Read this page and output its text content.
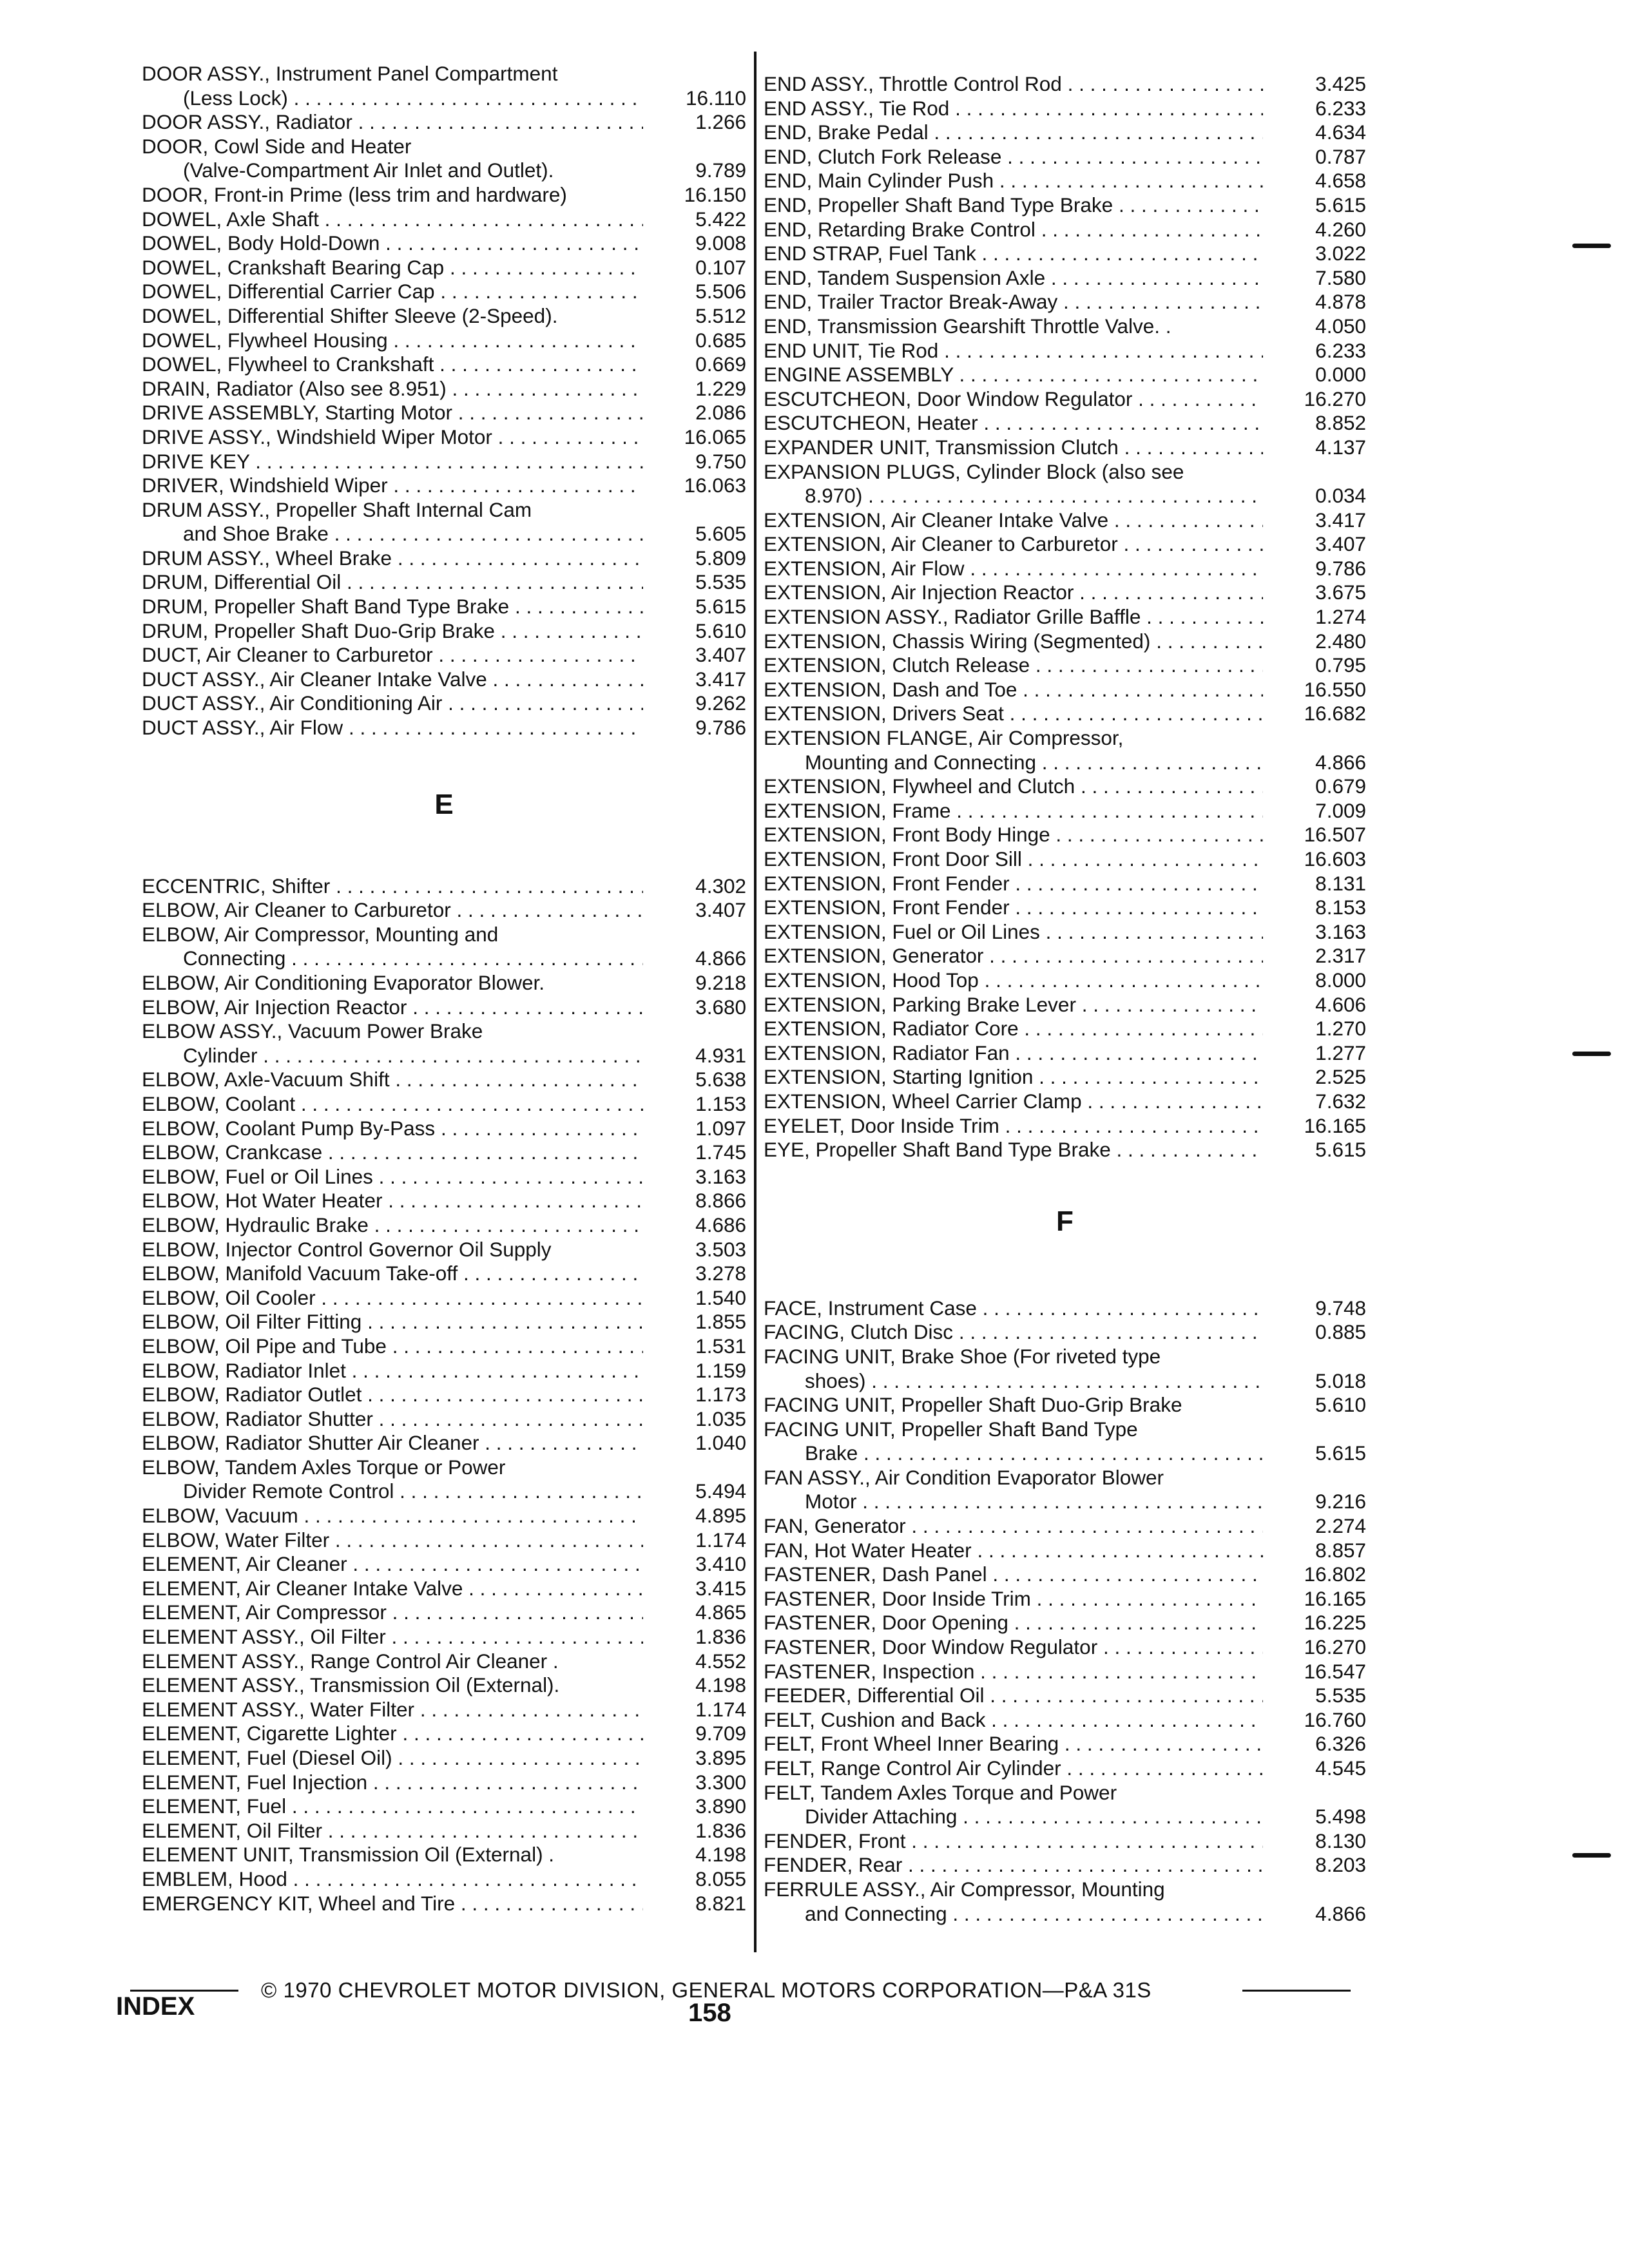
DOOR ASSY., Instrument Panel Compartment
(Less Lock) . . .	16.110
DOOR ASSY., Radiator . . .	1.266
DOOR, Cowl Side and Heater
(Valve-Compartment Air Inlet and Outlet).	9.789
DOOR, Front-in Prime (less trim and hardware)	16.150
DOWEL, Axle Shaft . . .	5.422
DOWEL, Body Hold-Down . . .	9.008
DOWEL, Crankshaft Bearing Cap . . .	0.107
DOWEL, Differential Carrier Cap . . .	5.506
DOWEL, Differential Shifter Sleeve (2-Speed).	5.512
DOWEL, Flywheel Housing . . .	0.685
DOWEL, Flywheel to Crankshaft . . .	0.669
DRAIN, Radiator (Also see 8.951) . . .	1.229
DRIVE ASSEMBLY, Starting Motor . . .	2.086
DRIVE ASSY., Windshield Wiper Motor . . .	16.065
DRIVE KEY . . .	9.750
DRIVER, Windshield Wiper . . .	16.063
DRUM ASSY., Propeller Shaft Internal Cam
and Shoe Brake . . .	5.605
DRUM ASSY., Wheel Brake . . .	5.809
DRUM, Differential Oil . . .	5.535
DRUM, Propeller Shaft Band Type Brake . . .	5.615
DRUM, Propeller Shaft Duo-Grip Brake . . .	5.610
DUCT, Air Cleaner to Carburetor . . .	3.407
DUCT ASSY., Air Cleaner Intake Valve . . .	3.417
DUCT ASSY., Air Conditioning Air . . .	9.262
DUCT ASSY., Air Flow . . .	9.786
E
ECCENTRIC, Shifter . . .	4.302
ELBOW, Air Cleaner to Carburetor . . .	3.407
ELBOW, Air Compressor, Mounting and
Connecting . . .	4.866
ELBOW, Air Conditioning Evaporator Blower.	9.218
ELBOW, Air Injection Reactor . . .	3.680
ELBOW ASSY., Vacuum Power Brake
Cylinder . . .	4.931
ELBOW, Axle-Vacuum Shift . . .	5.638
ELBOW, Coolant . . .	1.153
ELBOW, Coolant Pump By-Pass . . .	1.097
ELBOW, Crankcase . . .	1.745
ELBOW, Fuel or Oil Lines . . .	3.163
ELBOW, Hot Water Heater . . .	8.866
ELBOW, Hydraulic Brake . . .	4.686
ELBOW, Injector Control Governor Oil Supply	3.503
ELBOW, Manifold Vacuum Take-off . . .	3.278
ELBOW, Oil Cooler . . .	1.540
ELBOW, Oil Filter Fitting . . .	1.855
ELBOW, Oil Pipe and Tube . . .	1.531
ELBOW, Radiator Inlet . . .	1.159
ELBOW, Radiator Outlet . . .	1.173
ELBOW, Radiator Shutter . . .	1.035
ELBOW, Radiator Shutter Air Cleaner . . .	1.040
ELBOW, Tandem Axles Torque or Power
Divider Remote Control . . .	5.494
ELBOW, Vacuum . . .	4.895
ELBOW, Water Filter . . .	1.174
ELEMENT, Air Cleaner . . .	3.410
ELEMENT, Air Cleaner Intake Valve . . .	3.415
ELEMENT, Air Compressor . . .	4.865
ELEMENT ASSY., Oil Filter . . .	1.836
ELEMENT ASSY., Range Control Air Cleaner .	4.552
ELEMENT ASSY., Transmission Oil (External).	4.198
ELEMENT ASSY., Water Filter . . .	1.174
ELEMENT, Cigarette Lighter . . .	9.709
ELEMENT, Fuel (Diesel Oil) . . .	3.895
ELEMENT, Fuel Injection . . .	3.300
ELEMENT, Fuel . . .	3.890
ELEMENT, Oil Filter . . .	1.836
ELEMENT UNIT, Transmission Oil (External) .	4.198
EMBLEM, Hood . . .	8.055
EMERGENCY KIT, Wheel and Tire . . .	8.821
END ASSY., Throttle Control Rod . . .	3.425
END ASSY., Tie Rod . . .	6.233
END, Brake Pedal . . .	4.634
END, Clutch Fork Release . . .	0.787
END, Main Cylinder Push . . .	4.658
END, Propeller Shaft Band Type Brake . . .	5.615
END, Retarding Brake Control . . .	4.260
END STRAP, Fuel Tank . . .	3.022
END, Tandem Suspension Axle . . .	7.580
END, Trailer Tractor Break-Away . . .	4.878
END, Transmission Gearshift Throttle Valve. .	4.050
END UNIT, Tie Rod . . .	6.233
ENGINE ASSEMBLY . . .	0.000
ESCUTCHEON, Door Window Regulator . . .	16.270
ESCUTCHEON, Heater . . .	8.852
EXPANDER UNIT, Transmission Clutch . . .	4.137
EXPANSION PLUGS, Cylinder Block (also see
8.970) . . .	0.034
EXTENSION, Air Cleaner Intake Valve . . .	3.417
EXTENSION, Air Cleaner to Carburetor . . .	3.407
EXTENSION, Air Flow . . .	9.786
EXTENSION, Air Injection Reactor . . .	3.675
EXTENSION ASSY., Radiator Grille Baffle . . .	1.274
EXTENSION, Chassis Wiring (Segmented) . . .	2.480
EXTENSION, Clutch Release . . .	0.795
EXTENSION, Dash and Toe . . .	16.550
EXTENSION, Drivers Seat . . .	16.682
EXTENSION FLANGE, Air Compressor,
Mounting and Connecting . . .	4.866
EXTENSION, Flywheel and Clutch . . .	0.679
EXTENSION, Frame . . .	7.009
EXTENSION, Front Body Hinge . . .	16.507
EXTENSION, Front Door Sill . . .	16.603
EXTENSION, Front Fender . . .	8.131
EXTENSION, Front Fender . . .	8.153
EXTENSION, Fuel or Oil Lines . . .	3.163
EXTENSION, Generator . . .	2.317
EXTENSION, Hood Top . . .	8.000
EXTENSION, Parking Brake Lever . . .	4.606
EXTENSION, Radiator Core . . .	1.270
EXTENSION, Radiator Fan . . .	1.277
EXTENSION, Starting Ignition . . .	2.525
EXTENSION, Wheel Carrier Clamp . . .	7.632
EYELET, Door Inside Trim . . .	16.165
EYE, Propeller Shaft Band Type Brake . . .	5.615
F
FACE, Instrument Case . . .	9.748
FACING, Clutch Disc . . .	0.885
FACING UNIT, Brake Shoe (For riveted type
shoes) . . .	5.018
FACING UNIT, Propeller Shaft Duo-Grip Brake	5.610
FACING UNIT, Propeller Shaft Band Type
Brake . . .	5.615
FAN ASSY., Air Condition Evaporator Blower
Motor . . .	9.216
FAN, Generator . . .	2.274
FAN, Hot Water Heater . . .	8.857
FASTENER, Dash Panel . . .	16.802
FASTENER, Door Inside Trim . . .	16.165
FASTENER, Door Opening . . .	16.225
FASTENER, Door Window Regulator . . .	16.270
FASTENER, Inspection . . .	16.547
FEEDER, Differential Oil . . .	5.535
FELT, Cushion and Back . . .	16.760
FELT, Front Wheel Inner Bearing . . .	6.326
FELT, Range Control Air Cylinder . . .	4.545
FELT, Tandem Axles Torque and Power
Divider Attaching . . .	5.498
FENDER, Front . . .	8.130
FENDER, Rear . . .	8.203
FERRULE ASSY., Air Compressor, Mounting
and Connecting . . .	4.866
© 1970 CHEVROLET MOTOR DIVISION, GENERAL MOTORS CORPORATION—P&A 31S
INDEX	158
